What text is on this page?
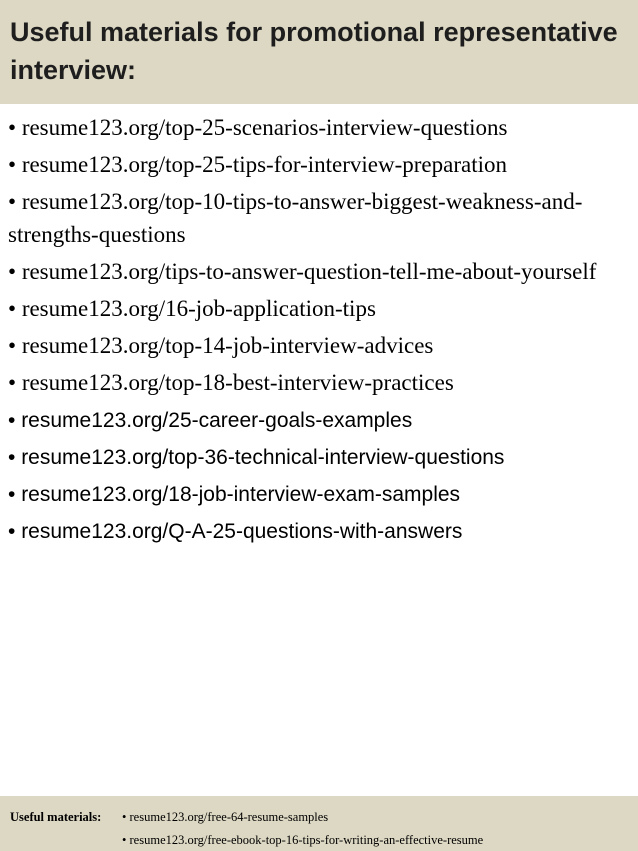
Useful materials for promotional representative interview:
• resume123.org/top-25-scenarios-interview-questions
• resume123.org/top-25-tips-for-interview-preparation
• resume123.org/top-10-tips-to-answer-biggest-weakness-and-strengths-questions
• resume123.org/tips-to-answer-question-tell-me-about-yourself
• resume123.org/16-job-application-tips
• resume123.org/top-14-job-interview-advices
• resume123.org/top-18-best-interview-practices
• resume123.org/25-career-goals-examples
• resume123.org/top-36-technical-interview-questions
• resume123.org/18-job-interview-exam-samples
• resume123.org/Q-A-25-questions-with-answers
Useful materials:	• resume123.org/free-64-resume-samples
• resume123.org/free-ebook-top-16-tips-for-writing-an-effective-resume
